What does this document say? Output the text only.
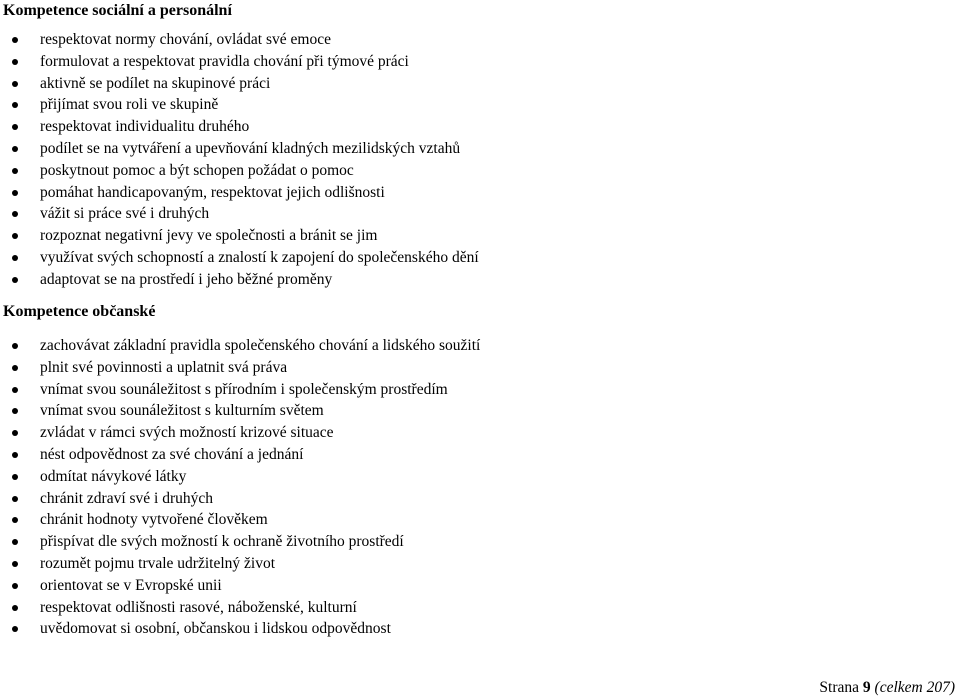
Kompetence sociální a personální
respektovat normy chování, ovládat své emoce
formulovat a respektovat pravidla chování při týmové práci
aktivně se podílet na skupinové práci
přijímat svou roli ve skupině
respektovat individualitu druhého
podílet se na vytváření a upevňování kladných mezilidských vztahů
poskytnout pomoc a být schopen požádat o pomoc
pomáhat handicapovaným, respektovat jejich odlišnosti
vážit si práce své i druhých
rozpoznat negativní jevy ve společnosti a bránit se jim
využívat svých schopností a znalostí k zapojení do společenského dění
adaptovat se na prostředí i jeho běžné proměny
Kompetence občanské
zachovávat základní pravidla společenského chování a lidského soužití
plnit své povinnosti a uplatnit svá práva
vnímat svou sounáležitost s přírodním i společenským prostředím
vnímat svou sounáležitost s kulturním světem
zvládat v rámci svých možností krizové situace
nést odpovědnost za své chování a jednání
odmítat návykové látky
chránit zdraví své i druhých
chránit hodnoty vytvořené člověkem
přispívat dle svých možností k ochraně životního prostředí
rozumět pojmu trvale udržitelný život
orientovat se v Evropské unii
respektovat odlišnosti rasové, náboženské, kulturní
uvědomovat si osobní, občanskou i lidskou odpovědnost
Strana 9 (celkem 207)
